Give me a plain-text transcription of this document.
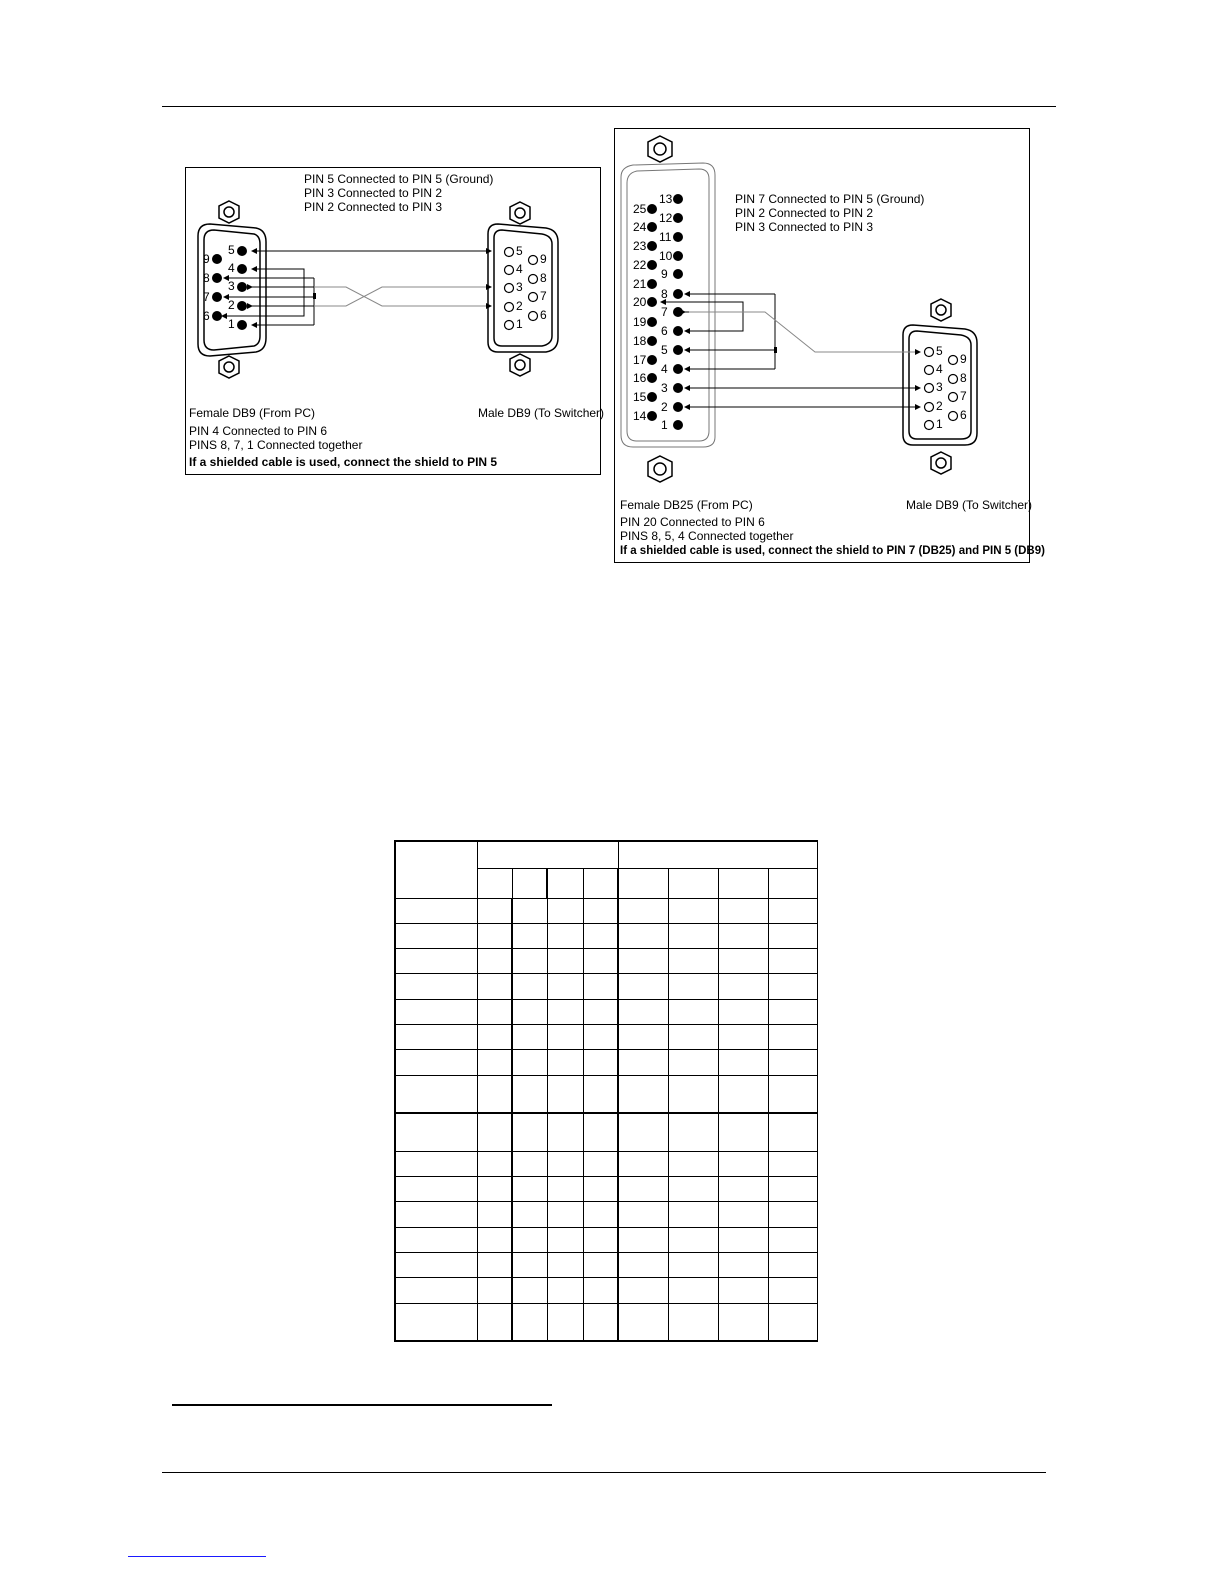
PIN 5 Connected to PIN 5 (Ground)
PIN 3 Connected to PIN 2
PIN 2 Connected to PIN 3
5
4
3
2
1
9
8
7
6
5
4
3
2
1
9
8
7
6
Female DB9 (From PC)	Male DB9 (To Switcher)
PIN 4 Connected to PIN 6
PINS 8, 7, 1 Connected together
If a shielded cable is used, connect the shield to PIN 5
PIN 7 Connected to PIN 5 (Ground)
PIN 2 Connected to PIN 2
PIN 3 Connected to PIN 3
13
12
11
10
9
8
7
6
5
4
3
2
1
25
24
23
22
21
20
19
18
17
16
15
14
5
4
3
2
1
9
8
7
6
Female DB25 (From PC)	Male DB9 (To Switcher)
PIN 20 Connected to PIN 6
PINS 8, 5, 4 Connected together
If a shielded cable is used, connect the shield to PIN 7 (DB25) and PIN 5 (DB9)
